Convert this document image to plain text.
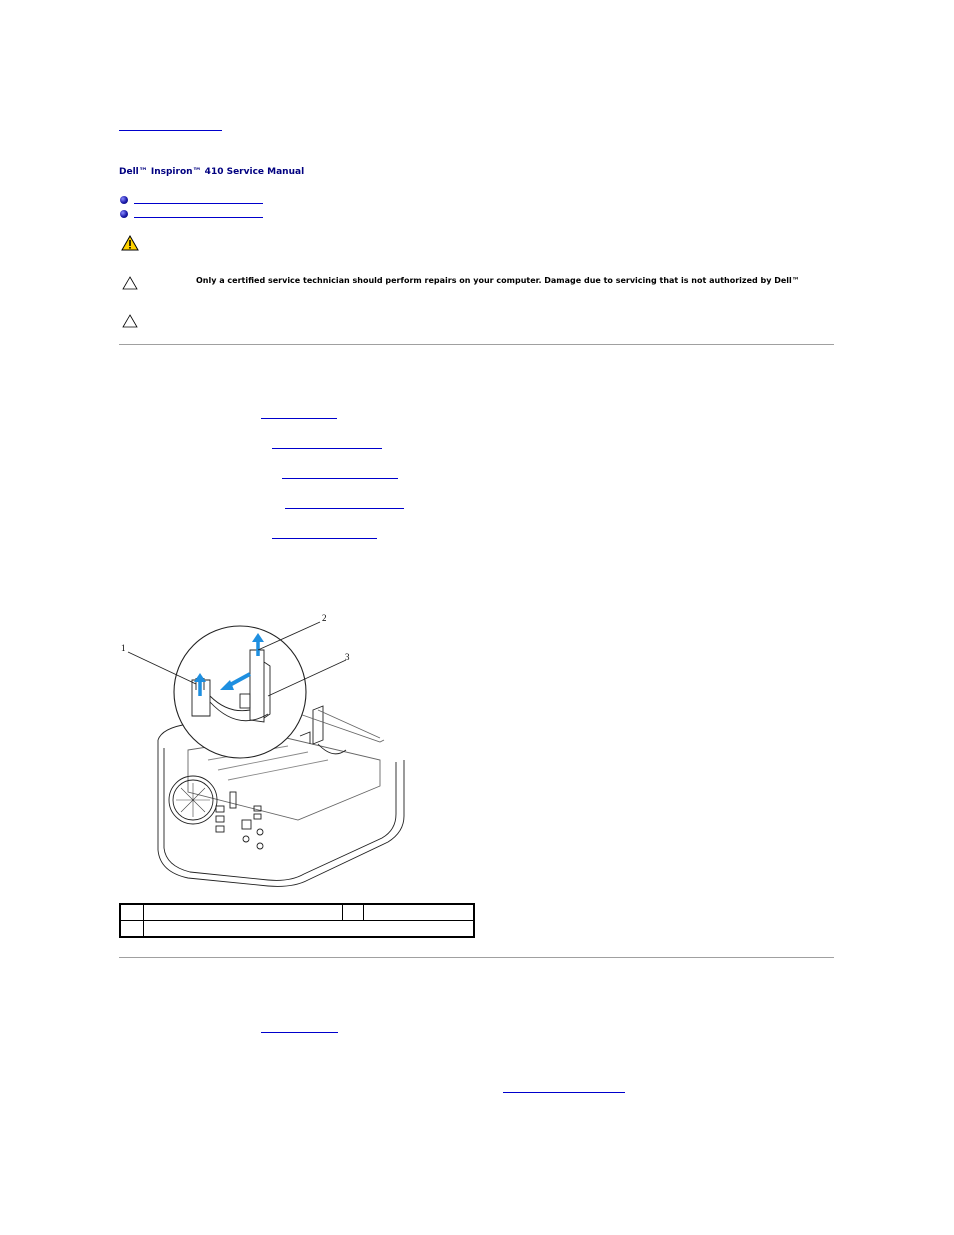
Dell™ Inspiron™ 410 Service Manual
Only a certified service technician should perform repairs on your computer. Damage due to servicing that is not authorized by Dell™
1
2
3
